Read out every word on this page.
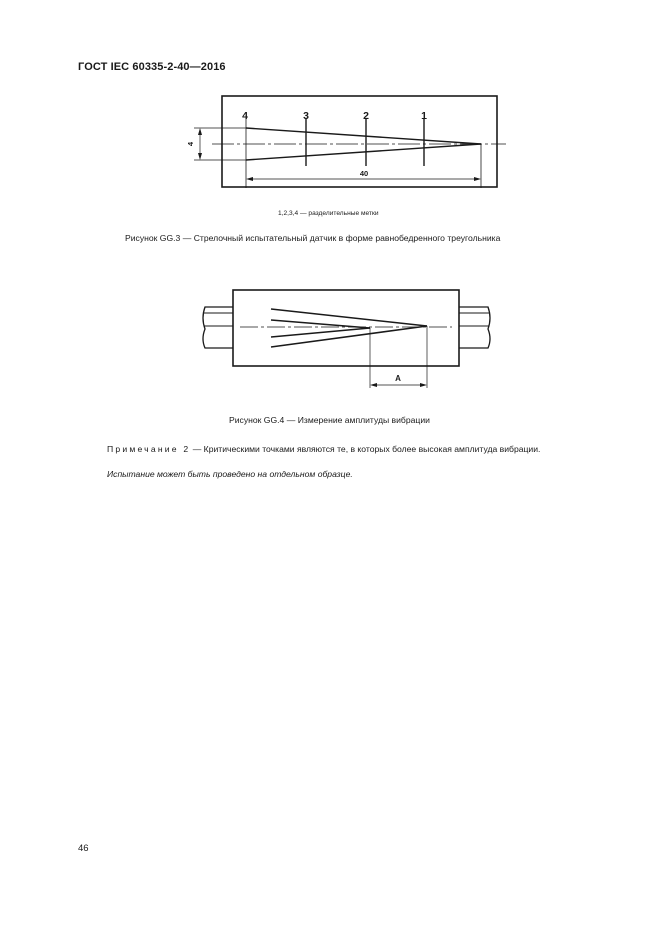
ГОСТ IEC 60335-2-40—2016
4	3	2	1
4
40
1,2,3,4 — разделительные метки
Рисунок GG.3 — Стрелочный испытательный датчик в форме равнобедренного треугольника
A
Рисунок GG.4 — Измерение амплитуды вибрации
Примечание 2 — Критическими точками являются те, в которых более высокая амплитуда вибрации.
Испытание может быть проведено на отдельном образце.
46
